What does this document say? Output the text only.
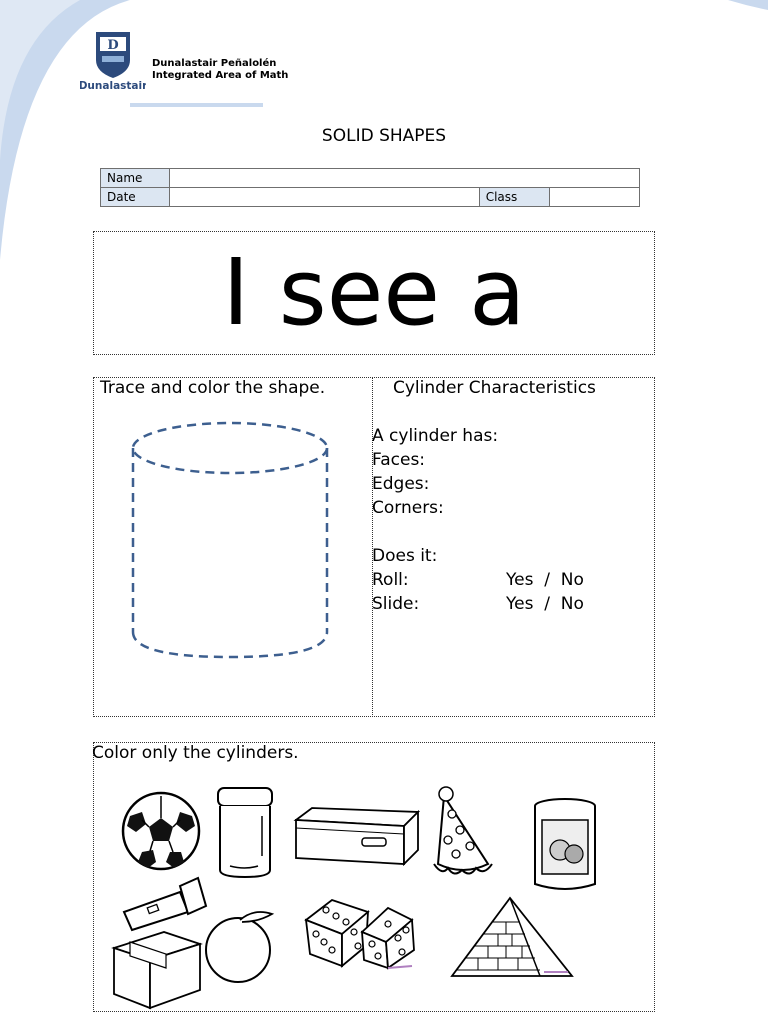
D
Dunalastair
Dunalastair Peñalolén
Integrated Area of Math
SOLID SHAPES
Name			
Date		Class	
I see a
Trace and color the shape.	Cylinder Characteristics
A cylinder has:
Faces:
Edges:
Corners:
Does it:
Roll:	Yes  /  No
Slide:	Yes  /  No
Color only the cylinders.
